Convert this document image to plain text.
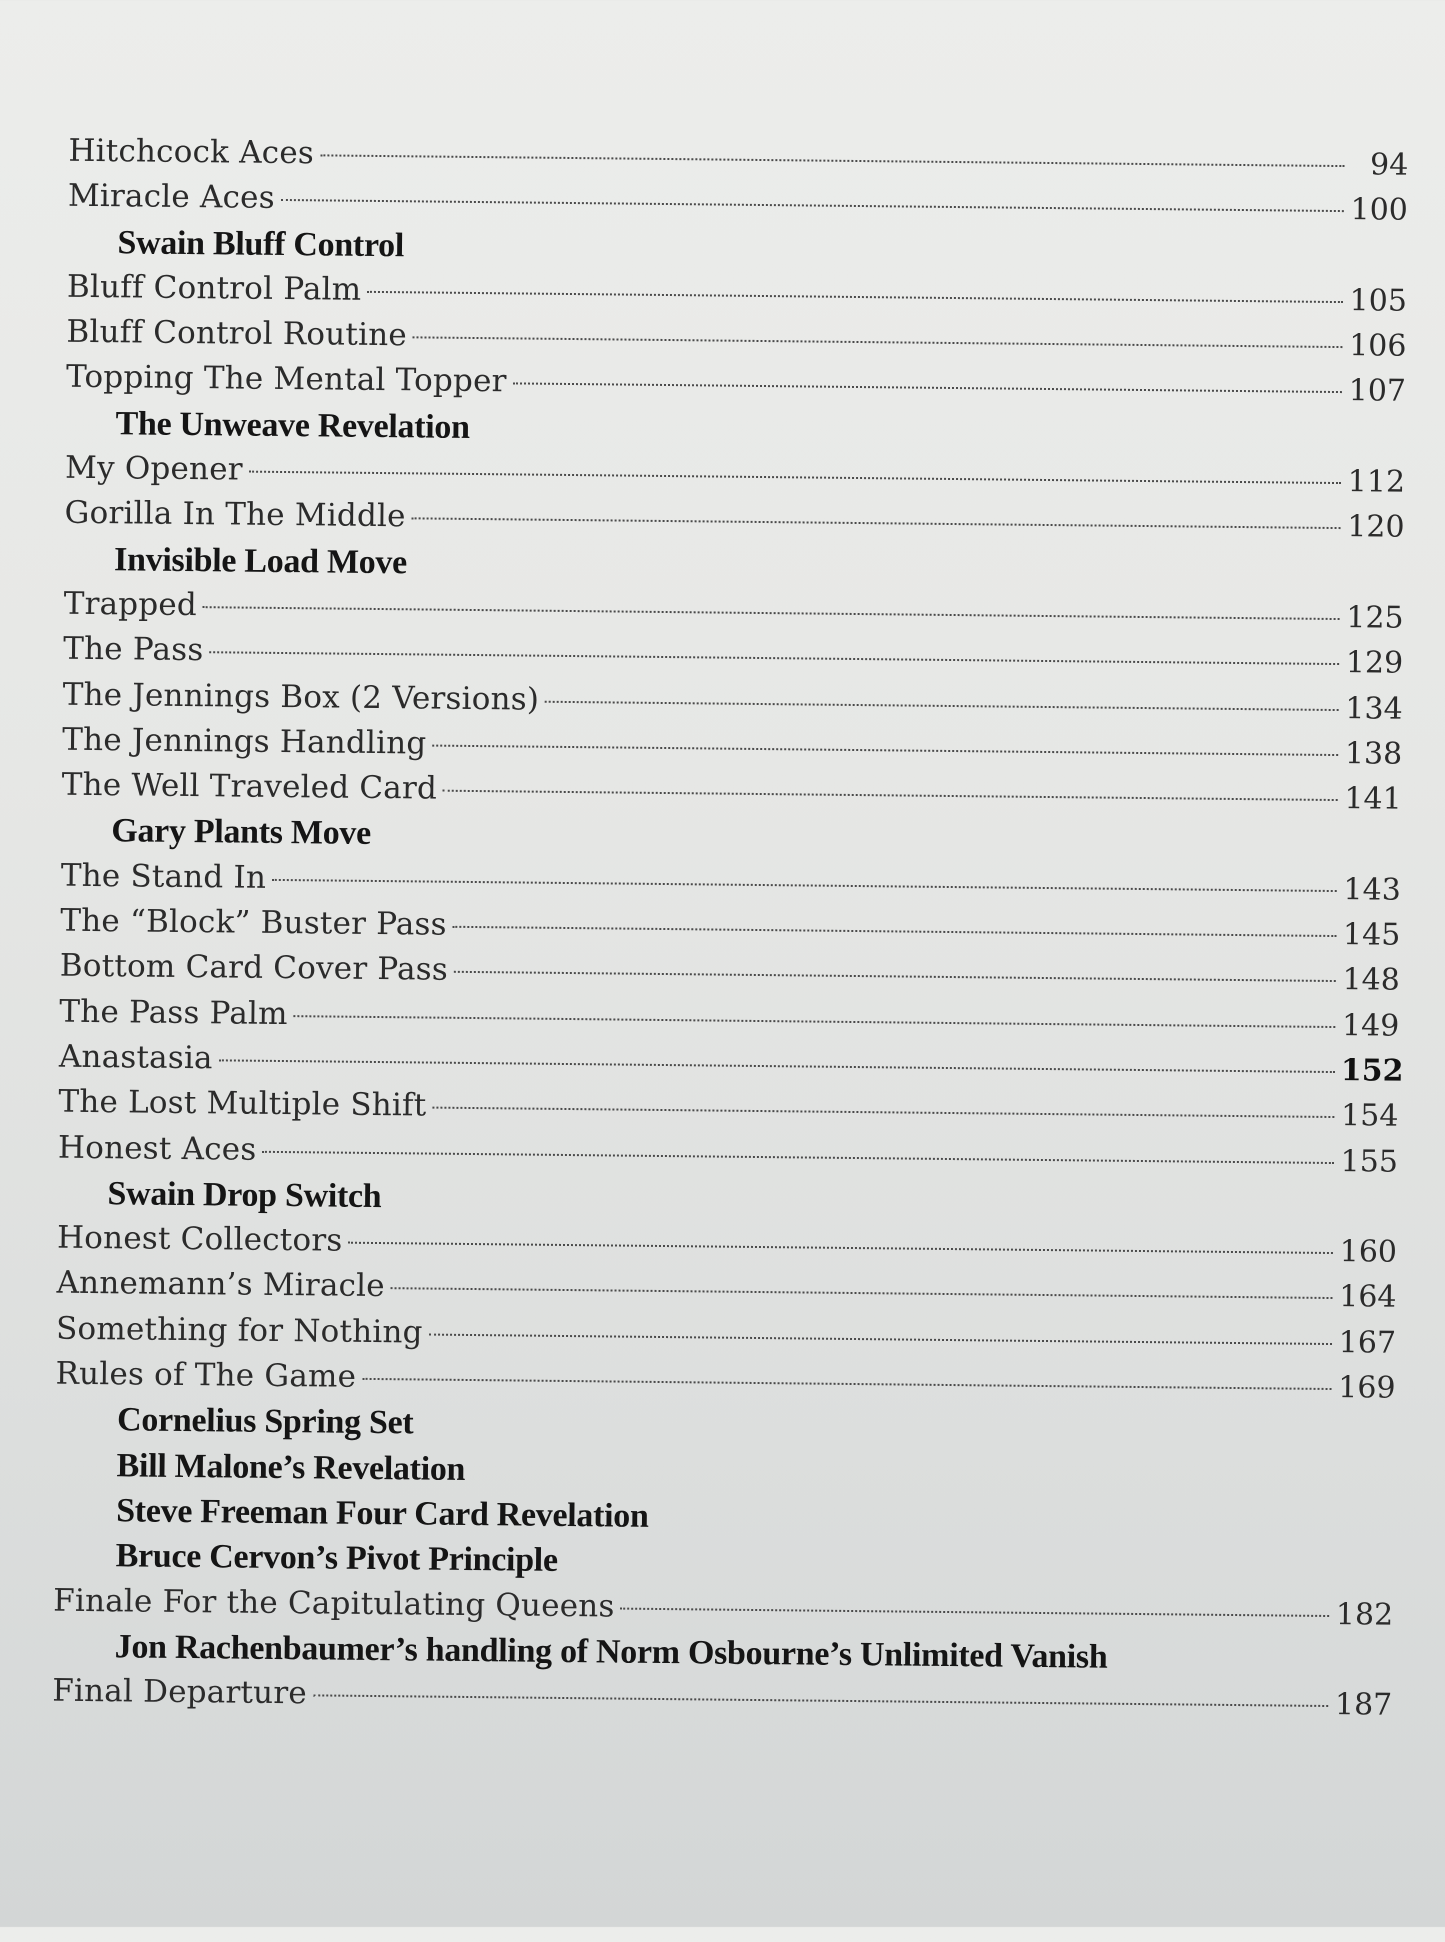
Hitchcock Aces	94
Miracle Aces	100
Swain Bluff Control
Bluff Control Palm	105
Bluff Control Routine	106
Topping The Mental Topper	107
The Unweave Revelation
My Opener	112
Gorilla In The Middle	120
Invisible Load Move
Trapped	125
The Pass	129
The Jennings Box (2 Versions)	134
The Jennings Handling	138
The Well Traveled Card	141
Gary Plants Move
The Stand In	143
The “Block” Buster Pass	145
Bottom Card Cover Pass	148
The Pass Palm	149
Anastasia	152
The Lost Multiple Shift	154
Honest Aces	155
Swain Drop Switch
Honest Collectors	160
Annemann’s Miracle	164
Something for Nothing	167
Rules of The Game	169
Cornelius Spring Set
Bill Malone’s Revelation
Steve Freeman Four Card Revelation
Bruce Cervon’s Pivot Principle
Finale For the Capitulating Queens	182
Jon Rachenbaumer’s handling of Norm Osbourne’s Unlimited Vanish
Final Departure	187
